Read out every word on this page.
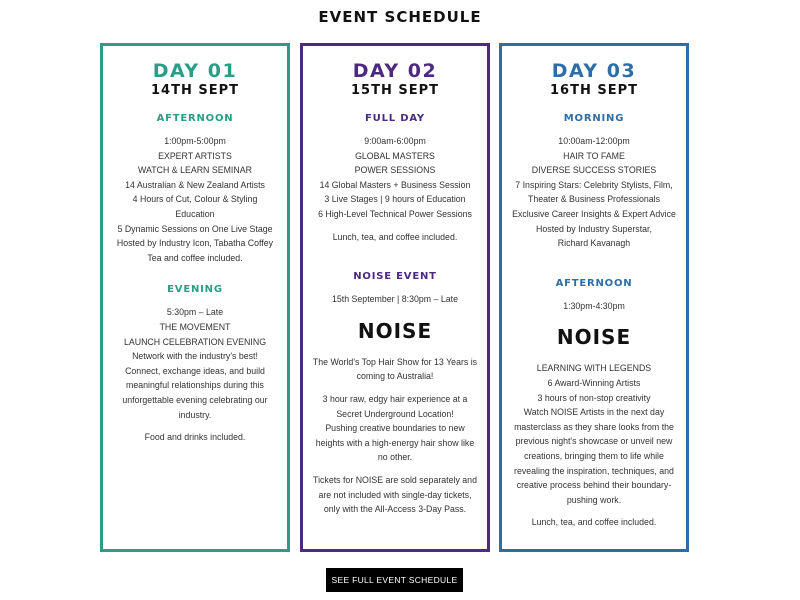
EVENT SCHEDULE
DAY 01
14TH SEPT
AFTERNOON
1:00pm-5:00pm
EXPERT ARTISTS
WATCH & LEARN SEMINAR
14 Australian & New Zealand Artists
4 Hours of Cut, Colour & Styling
Education
5 Dynamic Sessions on One Live Stage
Hosted by Industry Icon, Tabatha Coffey
Tea and coffee included.
EVENING
5:30pm – Late
THE MOVEMENT
LAUNCH CELEBRATION EVENING
Network with the industry's best!
Connect, exchange ideas, and build
meaningful relationships during this
unforgettable evening celebrating our
industry.
Food and drinks included.
DAY 02
15TH SEPT
FULL DAY
9:00am-6:00pm
GLOBAL MASTERS
POWER SESSIONS
14 Global Masters + Business Session
3 Live Stages | 9 hours of Education
6 High-Level Technical Power Sessions
Lunch, tea, and coffee included.
NOISE EVENT
15th September | 8:30pm – Late
NOISE
The World's Top Hair Show for 13 Years is
coming to Australia!
3 hour raw, edgy hair experience at a
Secret Underground Location!
Pushing creative boundaries to new
heights with a high-energy hair show like
no other.
Tickets for NOISE are sold separately and
are not included with single-day tickets,
only with the All-Access 3-Day Pass.
DAY 03
16TH SEPT
MORNING
10:00am-12:00pm
HAIR TO FAME
DIVERSE SUCCESS STORIES
7 Inspiring Stars: Celebrity Stylists, Film,
Theater & Business Professionals
Exclusive Career Insights & Expert Advice
Hosted by Industry Superstar,
Richard Kavanagh
AFTERNOON
1:30pm-4:30pm
NOISE
LEARNING WITH LEGENDS
6 Award-Winning Artists
3 hours of non-stop creativity
Watch NOISE Artists in the next day
masterclass as they share looks from the
previous night's showcase or unveil new
creations, bringing them to life while
revealing the inspiration, techniques, and
creative process behind their boundary-
pushing work.
Lunch, tea, and coffee included.
SEE FULL EVENT SCHEDULE
